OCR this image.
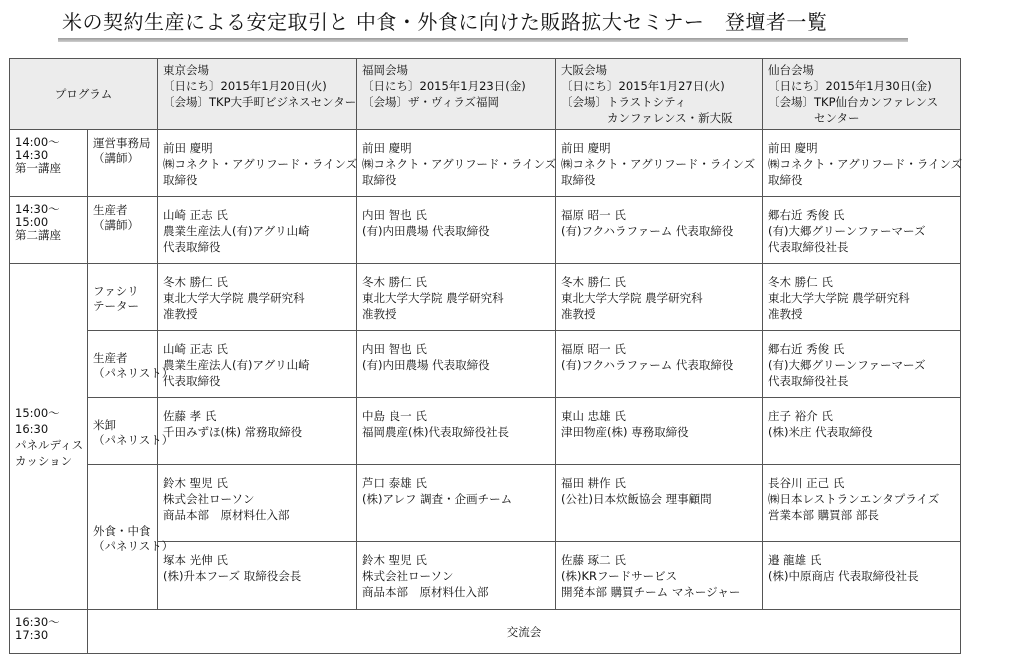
米の契約生産による安定取引と 中食・外食に向けた販路拡大セミナー　登壇者一覧
プログラム		東京会場
〔日にち〕2015年1月20日(火)
〔会場〕TKP大手町ビジネスセンター	福岡会場
〔日にち〕2015年1月23日(金)
〔会場〕ザ・ヴィラズ福岡	大阪会場
〔日にち〕2015年1月27日(火)
〔会場〕トラストシティ
　　　　カンファレンス・新大阪	仙台会場
〔日にち〕2015年1月30日(金)
〔会場〕TKP仙台カンファレンス
　　　　センター

14:00〜
14:30
第一講座	運営事務局
（講師）	前田 慶明
㈱コネクト・アグリフード・ラインズ
取締役	前田 慶明
㈱コネクト・アグリフード・ラインズ
取締役	前田 慶明
㈱コネクト・アグリフード・ラインズ
取締役	前田 慶明
㈱コネクト・アグリフード・ラインズ
取締役

14:30〜
15:00
第二講座	生産者
（講師）	山崎 正志 氏
農業生産法人(有)アグリ山崎
代表取締役	内田 智也 氏
(有)内田農場 代表取締役	福原 昭一 氏
(有)フクハラファーム 代表取締役	郷右近 秀俊 氏
(有)大郷グリーンファーマーズ
代表取締役社長

15:00〜
16:30
パネルディス
カッション	ファシリ
テーター	冬木 勝仁 氏
東北大学大学院 農学研究科
准教授	冬木 勝仁 氏
東北大学大学院 農学研究科
准教授	冬木 勝仁 氏
東北大学大学院 農学研究科
准教授	冬木 勝仁 氏
東北大学大学院 農学研究科
准教授

	生産者
（パネリスト）	山崎 正志 氏
農業生産法人(有)アグリ山崎
代表取締役	内田 智也 氏
(有)内田農場 代表取締役	福原 昭一 氏
(有)フクハラファーム 代表取締役	郷右近 秀俊 氏
(有)大郷グリーンファーマーズ
代表取締役社長

	米卸
（パネリスト）	佐藤 孝 氏
千田みずほ(株) 常務取締役	中島 良一 氏
福岡農産(株)代表取締役社長	東山 忠雄 氏
津田物産(株) 専務取締役	庄子 裕介 氏
(株)米庄 代表取締役

	外食・中食
（パネリスト）	鈴木 聖児 氏
株式会社ローソン
商品本部　原材料仕入部	芦口 泰雄 氏
(株)アレフ 調査・企画チーム	福田 耕作 氏
(公社)日本炊飯協会 理事顧問	長谷川 正己 氏
㈱日本レストランエンタプライズ
営業本部 購買部 部長

		塚本 光伸 氏
(株)升本フーズ 取締役会長	鈴木 聖児 氏
株式会社ローソン
商品本部　原材料仕入部	佐藤 琢二 氏
(株)KRフードサービス
開発本部 購買チーム マネージャー	邉 龍雄 氏
(株)中原商店 代表取締役社長

16:30〜
17:30	交流会				
